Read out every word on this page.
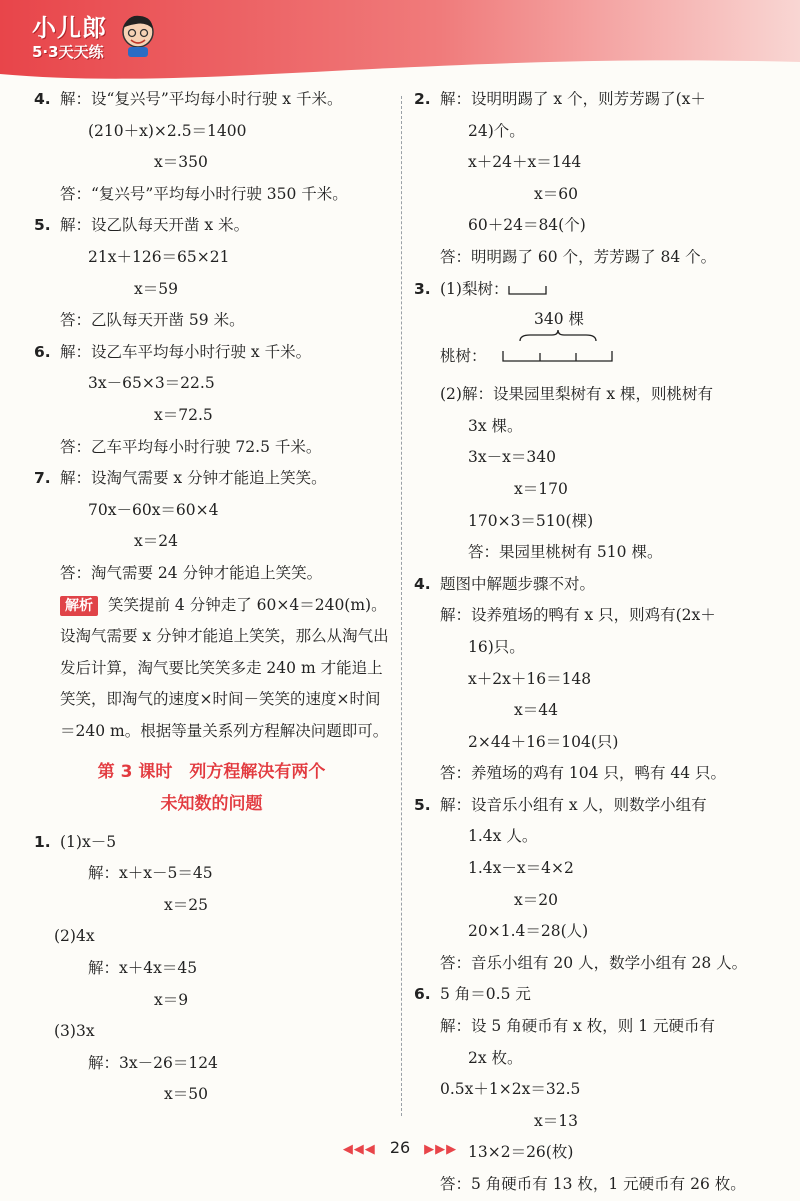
小儿郎
5·3天天练
4. 解：设“复兴号”平均每小时行驶 x 千米。
(210＋x)×2.5＝1400
x＝350
答：“复兴号”平均每小时行驶 350 千米。
5. 解：设乙队每天开凿 x 米。
21x＋126＝65×21
x＝59
答：乙队每天开凿 59 米。
6. 解：设乙车平均每小时行驶 x 千米。
3x－65×3＝22.5
x＝72.5
答：乙车平均每小时行驶 72.5 千米。
7. 解：设淘气需要 x 分钟才能追上笑笑。
70x－60x＝60×4
x＝24
答：淘气需要 24 分钟才能追上笑笑。
解析 笑笑提前 4 分钟走了 60×4＝240(m)。设淘气需要 x 分钟才能追上笑笑，那么从淘气出发后计算，淘气要比笑笑多走 240 m 才能追上笑笑，即淘气的速度×时间－笑笑的速度×时间＝240 m。根据等量关系列方程解决问题即可。
第 3 课时　列方程解决有两个
未知数的问题
1. (1)x－5
解：x＋x－5＝45
x＝25
(2)4x
解：x＋4x＝45
x＝9
(3)3x
解：3x－26＝124
x＝50
2. 解：设明明踢了 x 个，则芳芳踢了(x＋
24)个。
x＋24＋x＝144
x＝60
60＋24＝84(个)
答：明明踢了 60 个，芳芳踢了 84 个。
3. (1)梨树：
340 棵
桃树：
(2)解：设果园里梨树有 x 棵，则桃树有
3x 棵。
3x－x＝340
x＝170
170×3＝510(棵)
答：果园里桃树有 510 棵。
4. 题图中解题步骤不对。
解：设养殖场的鸭有 x 只，则鸡有(2x＋
16)只。
x＋2x＋16＝148
x＝44
2×44＋16＝104(只)
答：养殖场的鸡有 104 只，鸭有 44 只。
5. 解：设音乐小组有 x 人，则数学小组有
1.4x 人。
1.4x－x＝4×2
x＝20
20×1.4＝28(人)
答：音乐小组有 20 人，数学小组有 28 人。
6. 5 角＝0.5 元
解：设 5 角硬币有 x 枚，则 1 元硬币有
2x 枚。
0.5x＋1×2x＝32.5
x＝13
13×2＝26(枚)
答：5 角硬币有 13 枚，1 元硬币有 26 枚。
◀◀◀ 26 ▶▶▶
